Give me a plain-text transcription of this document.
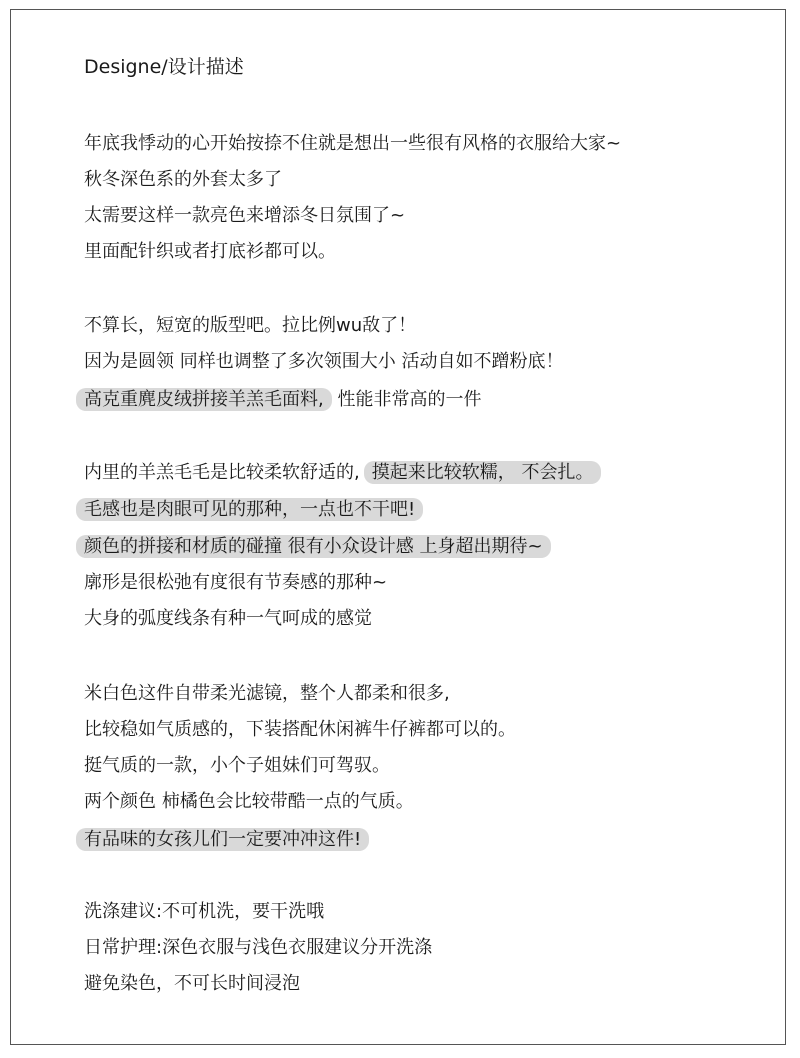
Designe/设计描述
年底我悸动的心开始按捺不住就是想出一些很有风格的衣服给大家~
秋冬深色系的外套太多了
太需要这样一款亮色来增添冬日氛围了~
里面配针织或者打底衫都可以。
不算长，短宽的版型吧。拉比例wu敌了！
因为是圆领 同样也调整了多次领围大小 活动自如不蹭粉底！
高克重麂皮绒拼接羊羔毛面料, 性能非常高的一件
内里的羊羔毛毛是比较柔软舒适的, 摸起来比较软糯， 不会扎。
毛感也是肉眼可见的那种，一点也不干吧!
颜色的拼接和材质的碰撞 很有小众设计感 上身超出期待~
廓形是很松弛有度很有节奏感的那种~
大身的弧度线条有种一气呵成的感觉
米白色这件自带柔光滤镜，整个人都柔和很多,
比较稳如气质感的，下装搭配休闲裤牛仔裤都可以的。
挺气质的一款，小个子姐妹们可驾驭。
两个颜色 柿橘色会比较带酷一点的气质。
有品味的女孩儿们一定要冲冲这件!
洗涤建议:不可机洗，要干洗哦
日常护理:深色衣服与浅色衣服建议分开洗涤
避免染色，不可长时间浸泡
